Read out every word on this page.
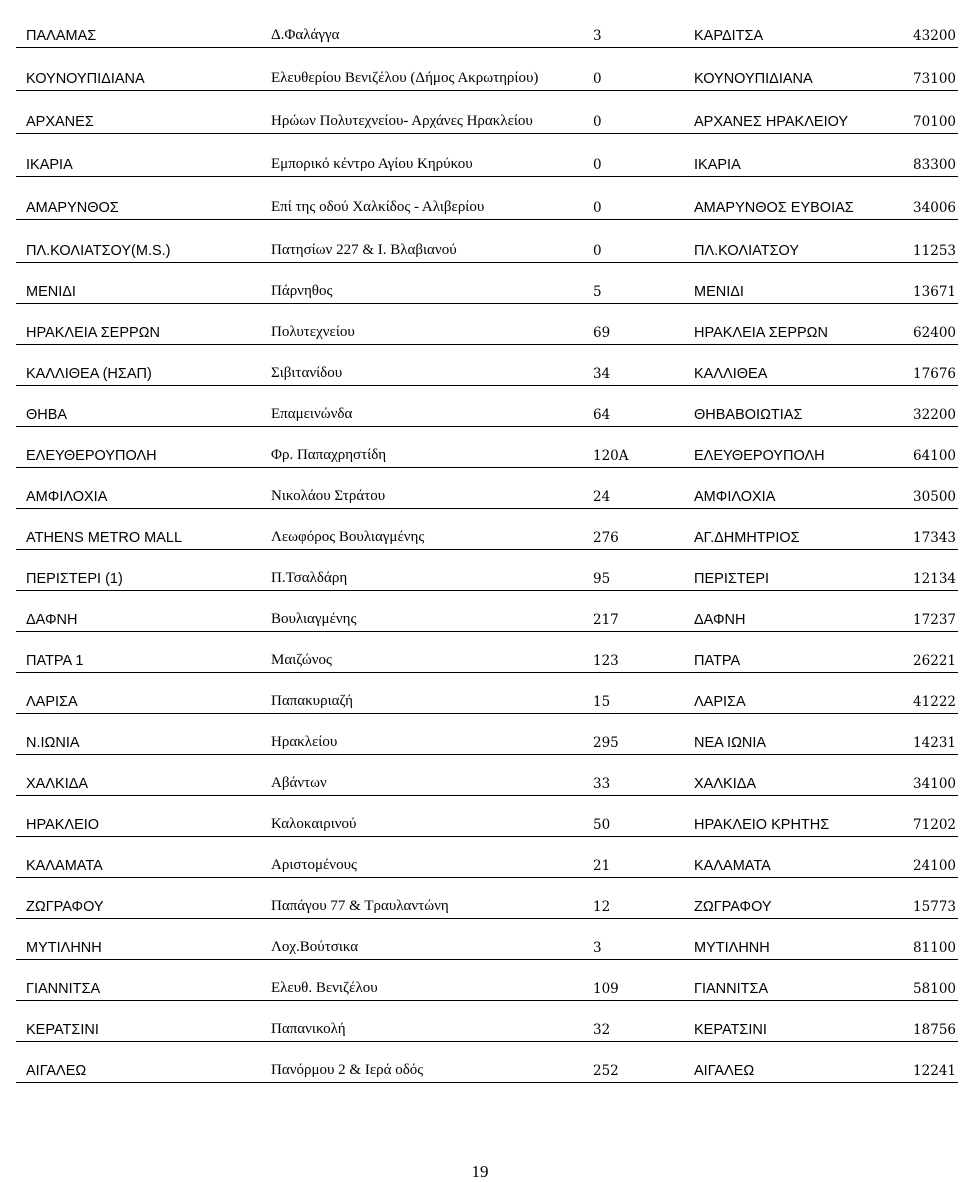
ΠΑΛΑΜΑΣ	Δ.Φαλάγγα	3	ΚΑΡΔΙΤΣΑ	43200
ΚΟΥΝΟΥΠΙΔΙΑΝΑ	Ελευθερίου Βενιζέλου (Δήμος Ακρωτηρίου)	0	ΚΟΥΝΟΥΠΙΔΙΑΝΑ	73100
ΑΡΧΑΝΕΣ	Ηρώων Πολυτεχνείου- Αρχάνες Ηρακλείου	0	ΑΡΧΑΝΕΣ ΗΡΑΚΛΕΙΟΥ	70100
ΙΚΑΡΙΑ	Εμπορικό κέντρο Αγίου Κηρύκου	0	ΙΚΑΡΙΑ	83300
ΑΜΑΡΥΝΘΟΣ	Επί της οδού Χαλκίδος - Αλιβερίου	0	ΑΜΑΡΥΝΘΟΣ ΕΥΒΟΙΑΣ	34006
ΠΛ.ΚΟΛΙΑΤΣΟΥ(M.S.)	Πατησίων 227 & Ι. Βλαβιανού	0	ΠΛ.ΚΟΛΙΑΤΣΟΥ	11253
ΜΕΝΙΔΙ	Πάρνηθος	5	ΜΕΝΙΔΙ	13671
ΗΡΑΚΛΕΙΑ ΣΕΡΡΩΝ	Πολυτεχνείου	69	ΗΡΑΚΛΕΙΑ ΣΕΡΡΩΝ	62400
ΚΑΛΛΙΘΕΑ (ΗΣΑΠ)	Σιβιτανίδου	34	ΚΑΛΛΙΘΕΑ	17676
ΘΗΒΑ	Επαμεινώνδα	64	ΘΗΒΑΒΟΙΩΤΙΑΣ	32200
ΕΛΕΥΘΕΡΟΥΠΟΛΗ	Φρ. Παπαχρηστίδη	120Α	ΕΛΕΥΘΕΡΟΥΠΟΛΗ	64100
ΑΜΦΙΛΟΧΙΑ	Νικολάου Στράτου	24	ΑΜΦΙΛΟΧΙΑ	30500
ATHENS METRO MALL	Λεωφόρος Βουλιαγμένης	276	ΑΓ.ΔΗΜΗΤΡΙΟΣ	17343
ΠΕΡΙΣΤΕΡΙ (1)	Π.Τσαλδάρη	95	ΠΕΡΙΣΤΕΡΙ	12134
ΔΑΦΝΗ	Βουλιαγμένης	217	ΔΑΦΝΗ	17237
ΠΑΤΡΑ 1	Μαιζώνος	123	ΠΑΤΡΑ	26221
ΛΑΡΙΣΑ	Παπακυριαζή	15	ΛΑΡΙΣΑ	41222
Ν.ΙΩΝΙΑ	Ηρακλείου	295	ΝΕΑ ΙΩΝΙΑ	14231
ΧΑΛΚΙΔΑ	Αβάντων	33	ΧΑΛΚΙΔΑ	34100
ΗΡΑΚΛΕΙΟ	Καλοκαιρινού	50	ΗΡΑΚΛΕΙΟ ΚΡΗΤΗΣ	71202
ΚΑΛΑΜΑΤΑ	Αριστομένους	21	ΚΑΛΑΜΑΤΑ	24100
ΖΩΓΡΑΦΟΥ	Παπάγου 77 & Τραυλαντώνη	12	ΖΩΓΡΑΦΟΥ	15773
ΜΥΤΙΛΗΝΗ	Λοχ.Βούτσικα	3	ΜΥΤΙΛΗΝΗ	81100
ΓΙΑΝΝΙΤΣΑ	Ελευθ. Βενιζέλου	109	ΓΙΑΝΝΙΤΣΑ	58100
ΚΕΡΑΤΣΙΝΙ	Παπανικολή	32	ΚΕΡΑΤΣΙΝΙ	18756
ΑΙΓΑΛΕΩ	Πανόρμου 2 & Ιερά οδός	252	ΑΙΓΑΛΕΩ	12241
19
